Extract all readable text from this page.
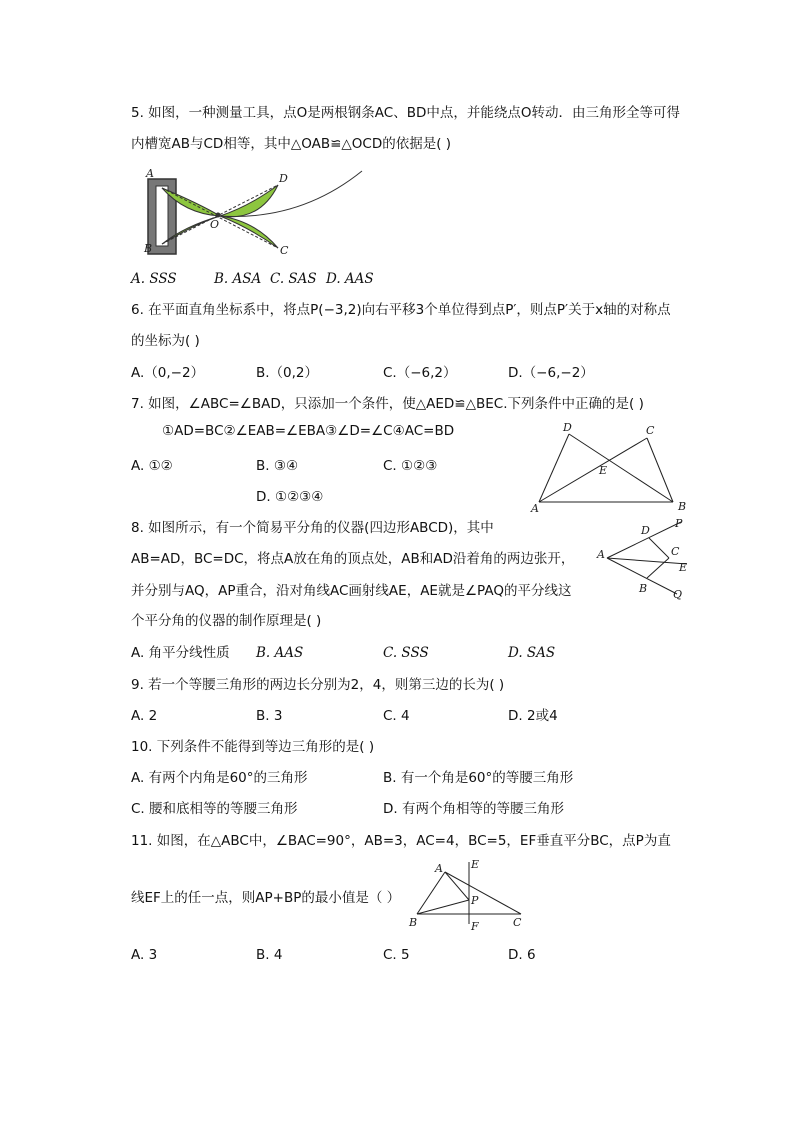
5. 如图，一种测量工具，点O是两根钢条AC、BD中点，并能绕点O转动．由三角形全等可得
内槽宽AB与CD相等，其中△OAB≌△OCD的依据是( )
A	D
O
B	C
A. SSS	B. ASA C. SAS D. AAS
6. 在平面直角坐标系中，将点P(−3,2)向右平移3个单位得到点P′，则点P′关于x轴的对称点
的坐标为( )
A.（0,−2）	B.（0,2）	C.（−6,2）	D.（−6,−2）
7. 如图，∠ABC=∠BAD，只添加一个条件，使△AED≌△BEC.下列条件中正确的是( )
①AD=BC②∠EAB=∠EBA③∠D=∠C④AC=BD
A. ①②	B. ③④	C. ①②③
D. ①②③④
D	C
E
A	B
8. 如图所示，有一个简易平分角的仪器(四边形ABCD)，其中
AB=AD，BC=DC，将点A放在角的顶点处，AB和AD沿着角的两边张开，
并分别与AQ，AP重合，沿对角线AC画射线AE，AE就是∠PAQ的平分线这
个平分角的仪器的制作原理是( )
D
P
A	C
E
B Q
A. 角平分线性质 B. AAS	C. SSS	D. SAS
9. 若一个等腰三角形的两边长分别为2，4，则第三边的长为( )
A. 2	B. 3	C. 4	D. 2或4
10. 下列条件不能得到等边三角形的是( )
A. 有两个内角是60°的三角形	B. 有一个角是60°的等腰三角形
C. 腰和底相等的等腰三角形	D. 有两个角相等的等腰三角形
11. 如图，在△ABC中，∠BAC=90°，AB=3，AC=4，BC=5，EF垂直平分BC，点P为直
线EF上的任一点，则AP+BP的最小值是（ ）
E
A
P
B	F	C
A. 3	B. 4	C. 5	D. 6
